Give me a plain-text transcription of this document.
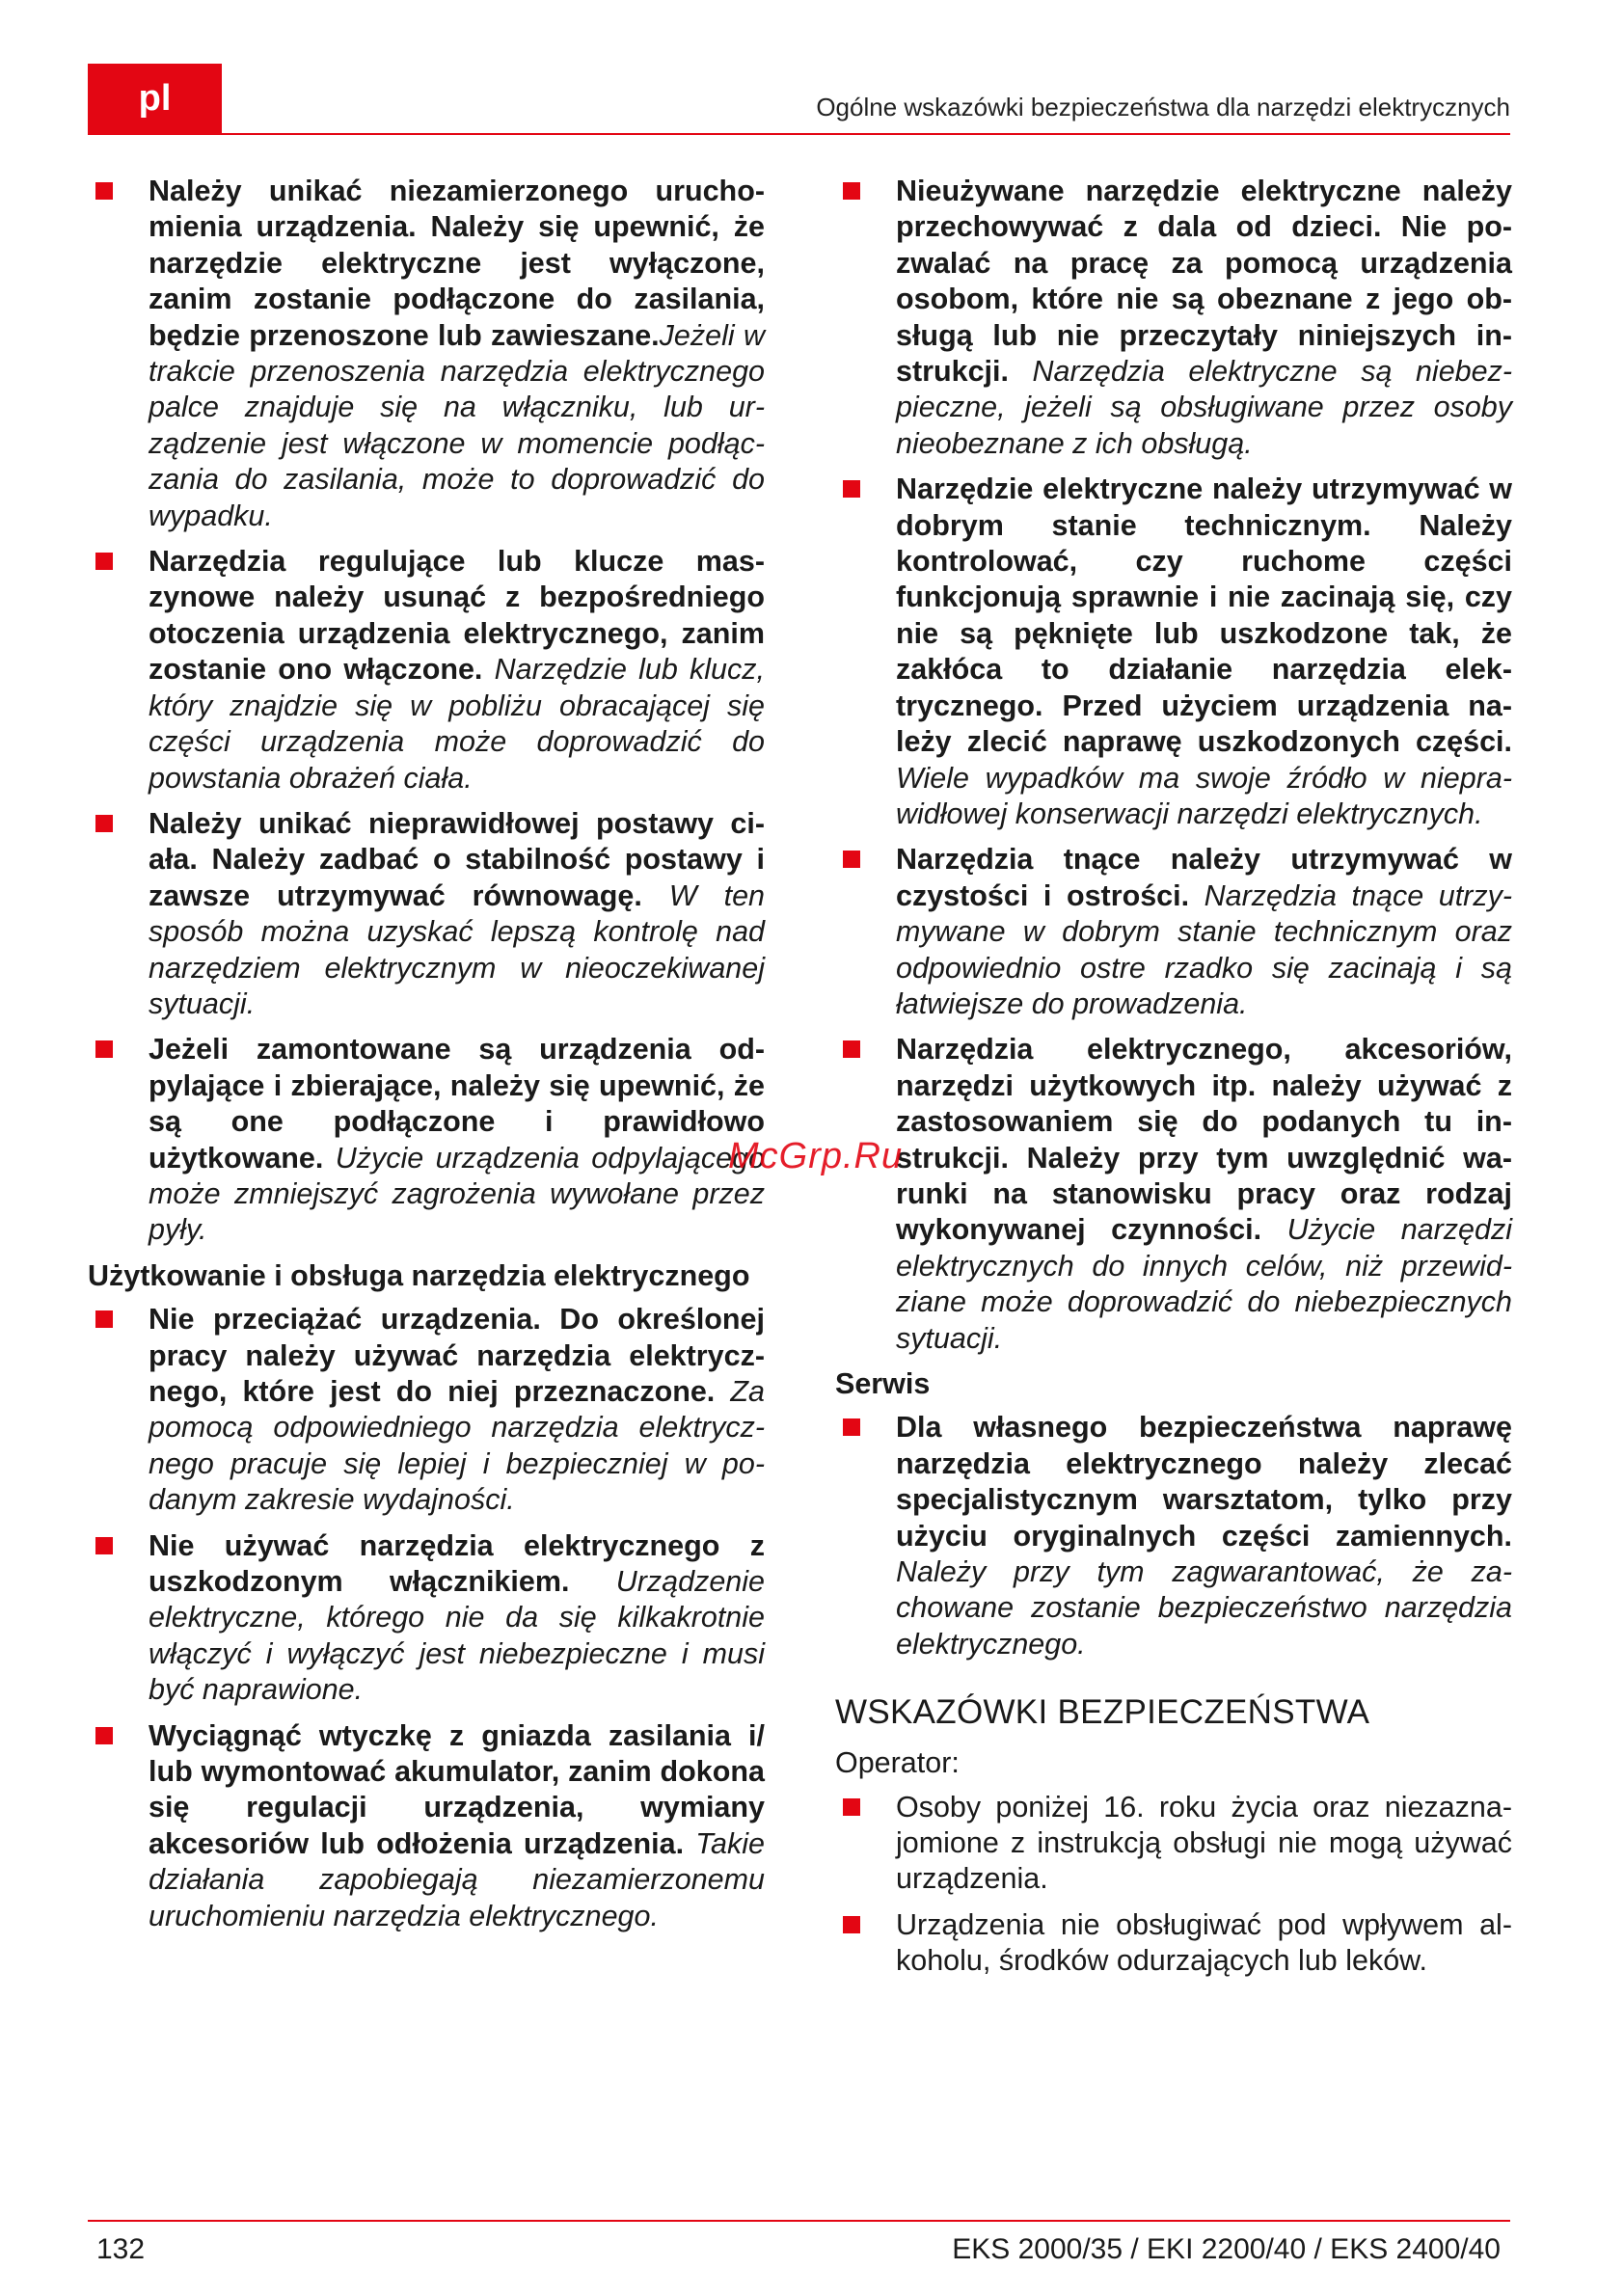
pl	Ogólne wskazówki bezpieczeństwa dla narzędzi elektrycznych

Należy unikać niezamierzonego uruchomienia urządzenia. Należy się upewnić, że narzędzie elektryczne jest wyłączone, zanim zostanie podłączone do zasilania, będzie przenoszone lub zawieszane.Jeżeli w trakcie przenoszenia narzędzia elektrycznego palce znajduje się na włączniku, lub urządzenie jest włączone w momencie podłączania do zasilania, może to doprowadzić do wypadku.

Narzędzia regulujące lub klucze maszynowe należy usunąć z bezpośredniego otoczenia urządzenia elektrycznego, zanim zostanie ono włączone. Narzędzie lub klucz, który znajdzie się w pobliżu obracającej się części urządzenia może doprowadzić do powstania obrażeń ciała.

Należy unikać nieprawidłowej postawy ciała. Należy zadbać o stabilność postawy i zawsze utrzymywać równowagę. W ten sposób można uzyskać lepszą kontrolę nad narzędziem elektrycznym w nieoczekiwanej sytuacji.

Jeżeli zamontowane są urządzenia odpylające i zbierające, należy się upewnić, że są one podłączone i prawidłowo użytkowane. Użycie urządzenia odpylającego może zmniejszyć zagrożenia wywołane przez pyły.

Użytkowanie i obsługa narzędzia elektrycznego

Nie przeciążać urządzenia. Do określonej pracy należy używać narzędzia elektrycznego, które jest do niej przeznaczone. Za pomocą odpowiedniego narzędzia elektrycznego pracuje się lepiej i bezpieczniej w podanym zakresie wydajności.

Nie używać narzędzia elektrycznego z uszkodzonym włącznikiem. Urządzenie elektryczne, którego nie da się kilkakrotnie włączyć i wyłączyć jest niebezpieczne i musi być naprawione.

Wyciągnąć wtyczkę z gniazda zasilania i/ lub wymontować akumulator, zanim dokona się regulacji urządzenia, wymiany akcesoriów lub odłożenia urządzenia. Takie działania zapobiegają niezamierzonemu uruchomieniu narzędzia elektrycznego.

Nieużywane narzędzie elektryczne należy przechowywać z dala od dzieci. Nie pozwalać na pracę za pomocą urządzenia osobom, które nie są obeznane z jego obsługą lub nie przeczytały niniejszych instrukcji. Narzędzia elektryczne są niebezpieczne, jeżeli są obsługiwane przez osoby nieobeznane z ich obsługą.

Narzędzie elektryczne należy utrzymywać w dobrym stanie technicznym. Należy kontrolować, czy ruchome części funkcjonują sprawnie i nie zacinają się, czy nie są pęknięte lub uszkodzone tak, że zakłóca to działanie narzędzia elektrycznego. Przed użyciem urządzenia należy zlecić naprawę uszkodzonych części. Wiele wypadków ma swoje źródło w nieprawidłowej konserwacji narzędzi elektrycznych.

Narzędzia tnące należy utrzymywać w czystości i ostrości. Narzędzia tnące utrzymywane w dobrym stanie technicznym oraz odpowiednio ostre rzadko się zacinają i są łatwiejsze do prowadzenia.

Narzędzia elektrycznego, akcesoriów, narzędzi użytkowych itp. należy używać z zastosowaniem się do podanych tu instrukcji. Należy przy tym uwzględnić warunki na stanowisku pracy oraz rodzaj wykonywanej czynności. Użycie narzędzi elektrycznych do innych celów, niż przewidziane może doprowadzić do niebezpiecznych sytuacji.

Serwis

Dla własnego bezpieczeństwa naprawę narzędzia elektrycznego należy zlecać specjalistycznym warsztatom, tylko przy użyciu oryginalnych części zamiennych. Należy przy tym zagwarantować, że zachowane zostanie bezpieczeństwo narzędzia elektrycznego.

WSKAZÓWKI BEZPIECZEŃSTWA
Operator:

Osoby poniżej 16. roku życia oraz niezaznajomione z instrukcją obsługi nie mogą używać urządzenia.

Urządzenia nie obsługiwać pod wpływem alkoholu, środków odurzających lub leków.

McGrp.Ru
132	EKS 2000/35 / EKI 2200/40 / EKS 2400/40
